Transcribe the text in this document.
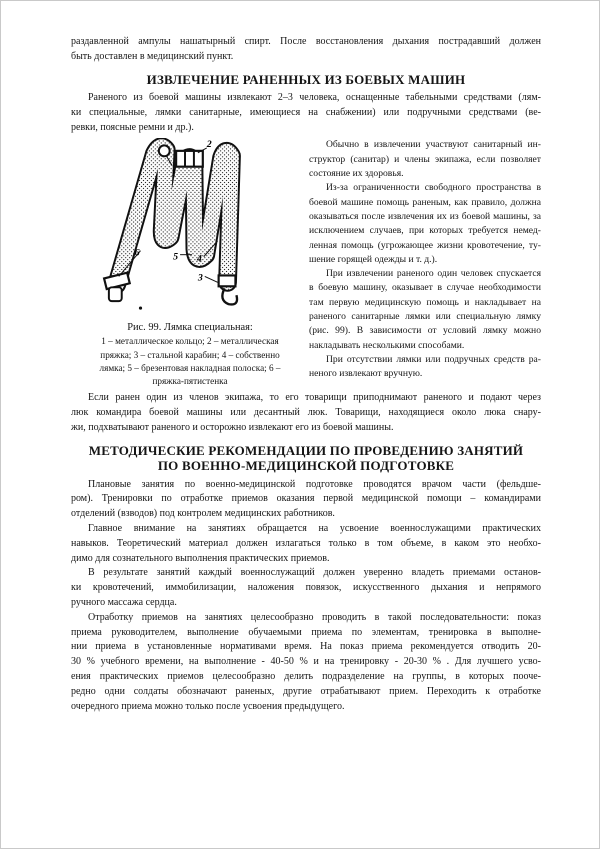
раздавленной ампулы нашатырный спирт. После восстановления дыхания пострадавший должен
быть доставлен в медицинский пункт.
ИЗВЛЕЧЕНИЕ РАНЕННЫХ ИЗ БОЕВЫХ МАШИН
Раненого из боевой машины извлекают 2–3 человека, оснащенные табельными средствами (лям-
ки специальные, лямки санитарные, имеющиеся на снабжении) или подручными средствами (ве-
ревки, поясные ремни и др.).
1
2
6	5 4
3
Рис. 99. Лямка специальная:
1 – металлическое кольцо; 2 – металлическая
пряжка; 3 – стальной карабин; 4 – собственно
лямка; 5 – брезентовая накладная полоска; 6 –
пряжка-пятистенка
Обычно в извлечении участвуют санитарный ин-
структор (санитар) и члены экипажа, если позволяет
состояние их здоровья.
Из-за ограниченности свободного пространства в
боевой машине помощь раненым, как правило, должна
оказываться после извлечения их из боевой машины, за
исключением случаев, при которых требуется немед-
ленная помощь (угрожающее жизни кровотечение, ту-
шение горящей одежды и т. д.).
При извлечении раненого один человек спускается
в боевую машину, оказывает в случае необходимости
там первую медицинскую помощь и накладывает на
раненого санитарные лямки или специальную лямку
(рис. 99). В зависимости от условий лямку можно
накладывать несколькими способами.
При отсутствии лямки или подручных средств ра-
неного извлекают вручную.
Если ранен один из членов экипажа, то его товарищи приподнимают раненого и подают через
люк командира боевой машины или десантный люк. Товарищи, находящиеся около люка снару-
жи, подхватывают раненого и осторожно извлекают его из боевой машины.
МЕТОДИЧЕСКИЕ РЕКОМЕНДАЦИИ ПО ПРОВЕДЕНИЮ ЗАНЯТИЙ
ПО ВОЕННО-МЕДИЦИНСКОЙ ПОДГОТОВКЕ
Плановые занятия по военно-медицинской подготовке проводятся врачом части (фельдше-
ром). Тренировки по отработке приемов оказания первой медицинской помощи – командирами
отделений (взводов) под контролем медицинских работников.
Главное внимание на занятиях обращается на усвоение военнослужащими практических
навыков. Теоретический материал должен излагаться только в том объеме, в каком это необхо-
димо для сознательного выполнения практических приемов.
В результате занятий каждый военнослужащий должен уверенно владеть приемами останов-
ки кровотечений, иммобилизации, наложения повязок, искусственного дыхания и непрямого
ручного массажа сердца.
Отработку приемов на занятиях целесообразно проводить в такой последовательности: показ
приема руководителем, выполнение обучаемыми приема по элементам, тренировка в выполне-
нии приема в установленные нормативами время. На показ приема рекомендуется отводить 20-
30 % учебного времени, на выполнение - 40-50 % и на тренировку - 20-30 % . Для лучшего усво-
ения практических приемов целесообразно делить подразделение на группы, в которых пооче-
редно одни солдаты обозначают раненых, другие отрабатывают прием. Переходить к отработке
очередного приема можно только после усвоения предыдущего.
